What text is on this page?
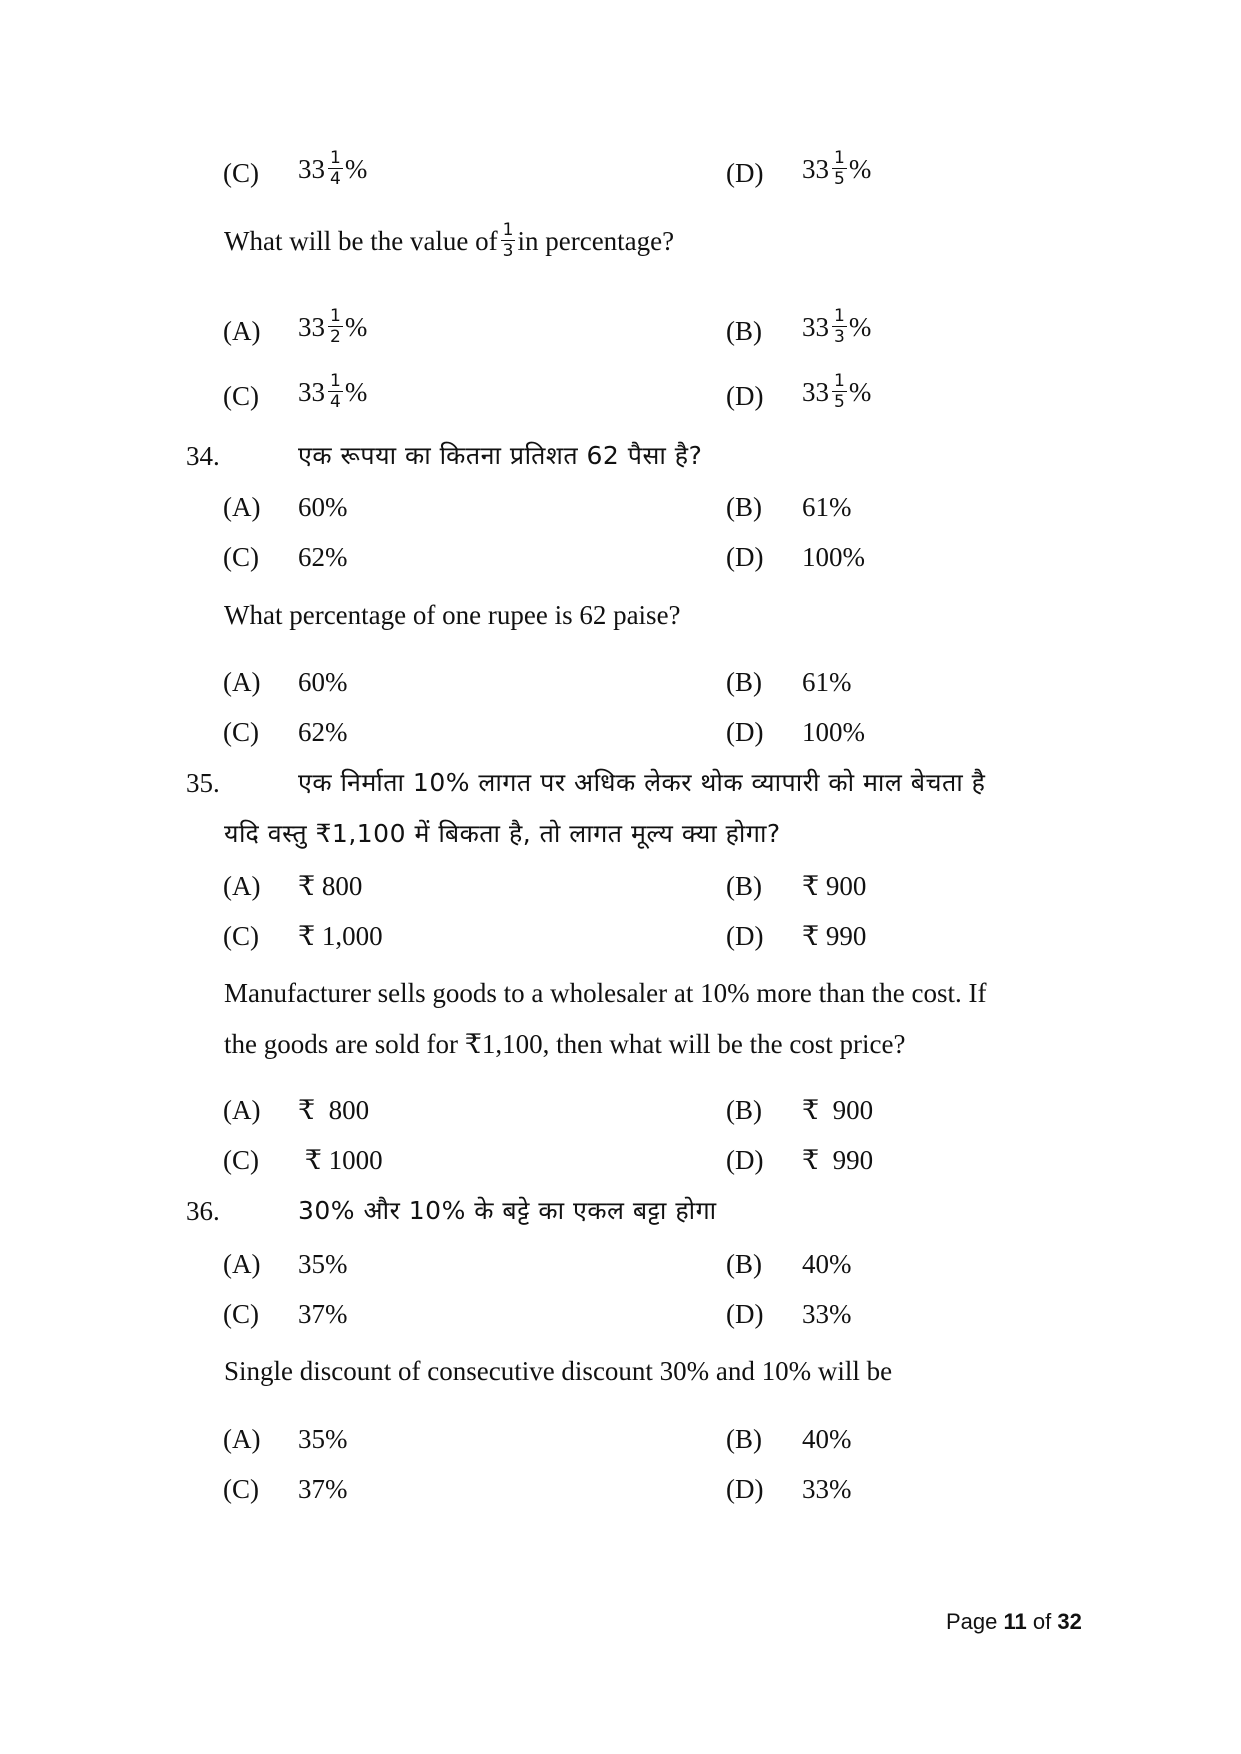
(C) $33 \frac{1}{4}$ %	(D) $33 \frac{1}{5}$ %
What will be the value of $\frac{1}{3}$ in percentage?
(A) $33 \frac{1}{2}$ %	(B) $33 \frac{1}{3}$ %
(C) $33 \frac{1}{4}$ %	(D) $33 \frac{1}{5}$ %
34.	एक रूपया का कितना प्रतिशत 62 पैसा है?
(A) 60%	(B) 61%
(C) 62%	(D) 100%
What percentage of one rupee is 62 paise?
(A) 60%	(B) 61%
(C) 62%	(D) 100%
35.	एक निर्माता 10% लागत पर अधिक लेकर थोक व्यापारी को माल बेचता है
यदि वस्तु ₹1,100 में बिकता है, तो लागत मूल्य क्या होगा?
(A) ₹ 800	(B) ₹ 900
(C) ₹ 1,000	(D) ₹ 990
Manufacturer sells goods to a wholesaler at 10% more than the cost. If
the goods are sold for ₹1,100, then what will be the cost price?
(A) ₹  800	(B) ₹  900
(C) ₹ 1000	(D) ₹  990
36.	30% और 10% के बट्टे का एकल बट्टा होगा
(A) 35%	(B) 40%
(C) 37%	(D) 33%
Single discount of consecutive discount 30% and 10% will be
(A) 35%	(B) 40%
(C) 37%	(D) 33%
Page 11 of 32
